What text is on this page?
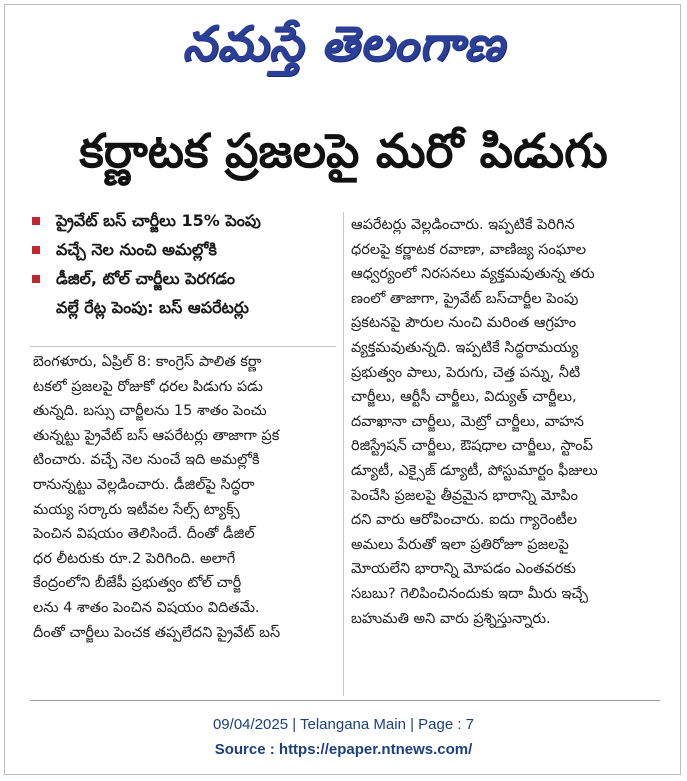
నమస్తే తెలంగాణ
కర్ణాటక ప్రజలపై మరో పిడుగు
ప్రైవేట్ బస్ చార్జీలు 15% పెంపు
వచ్చే నెల నుంచి అమల్లోకి
డీజిల్, టోల్ చార్జీలు పెరగడం
వల్లే రేట్ల పెంపు: బస్ ఆపరేటర్లు
బెంగళూరు, ఏప్రిల్ 8: కాంగ్రెస్ పాలిత కర్ణా
టకలో ప్రజలపై రోజుకో ధరల పిడుగు పడు
తున్నది. బస్సు చార్జీలను 15 శాతం పెంచు
తున్నట్టు ప్రైవేట్ బస్ ఆపరేటర్లు తాజాగా ప్రక
టించారు. వచ్చే నెల నుంచే ఇది అమల్లోకి
రానున్నట్టు వెల్లడించారు. డీజిల్‌పై సిద్ధరా
మయ్య సర్కారు ఇటీవల సేల్స్ ట్యాక్స్
పెంచిన విషయం తెలిసిందే. దీంతో డీజిల్
ధర లీటరుకు రూ.2 పెరిగింది. అలాగే
కేంద్రంలోని బీజేపీ ప్రభుత్వం టోల్ చార్జీ
లను 4 శాతం పెంచిన విషయం విదితమే.
దీంతో చార్జీలు పెంచక తప్పలేదని ప్రైవేట్ బస్
ఆపరేటర్లు వెల్లడించారు. ఇప్పటికే పెరిగిన
ధరలపై కర్ణాటక రవాణా, వాణిజ్య సంఘాల
ఆధ్వర్యంలో నిరసనలు వ్యక్తమవుతున్న తరు
ణంలో తాజాగా, ప్రైవేట్ బస్‌చార్జీల పెంపు
ప్రకటనపై పౌరుల నుంచి మరింత ఆగ్రహం
వ్యక్తమవుతున్నది. ఇప్పటికే సిద్ధరామయ్య
ప్రభుత్వం పాలు, పెరుగు, చెత్త పన్ను, నీటి
చార్జీలు, ఆర్టీసీ చార్జీలు, విద్యుత్ చార్జీలు,
దవాఖానా చార్జీలు, మెట్రో చార్జీలు, వాహన
రిజిస్ట్రేషన్ చార్జీలు, ఔషధాల చార్జీలు, స్టాంప్
డ్యూటీ, ఎక్సైజ్ డ్యూటీ, పోస్టుమార్టం ఫీజులు
పెంచేసి ప్రజలపై తీవ్రమైన భారాన్ని మోపిం
దని వారు ఆరోపించారు. ఐదు గ్యారెంటీల
అమలు పేరుతో ఇలా ప్రతిరోజూ ప్రజలపై
మోయలేని భారాన్ని మోపడం ఎంతవరకు
సబబు? గెలిపించినందుకు ఇదా మీరు ఇచ్చే
బహుమతి అని వారు ప్రశ్నిస్తున్నారు.
09/04/2025 | Telangana Main | Page : 7
Source : https://epaper.ntnews.com/
